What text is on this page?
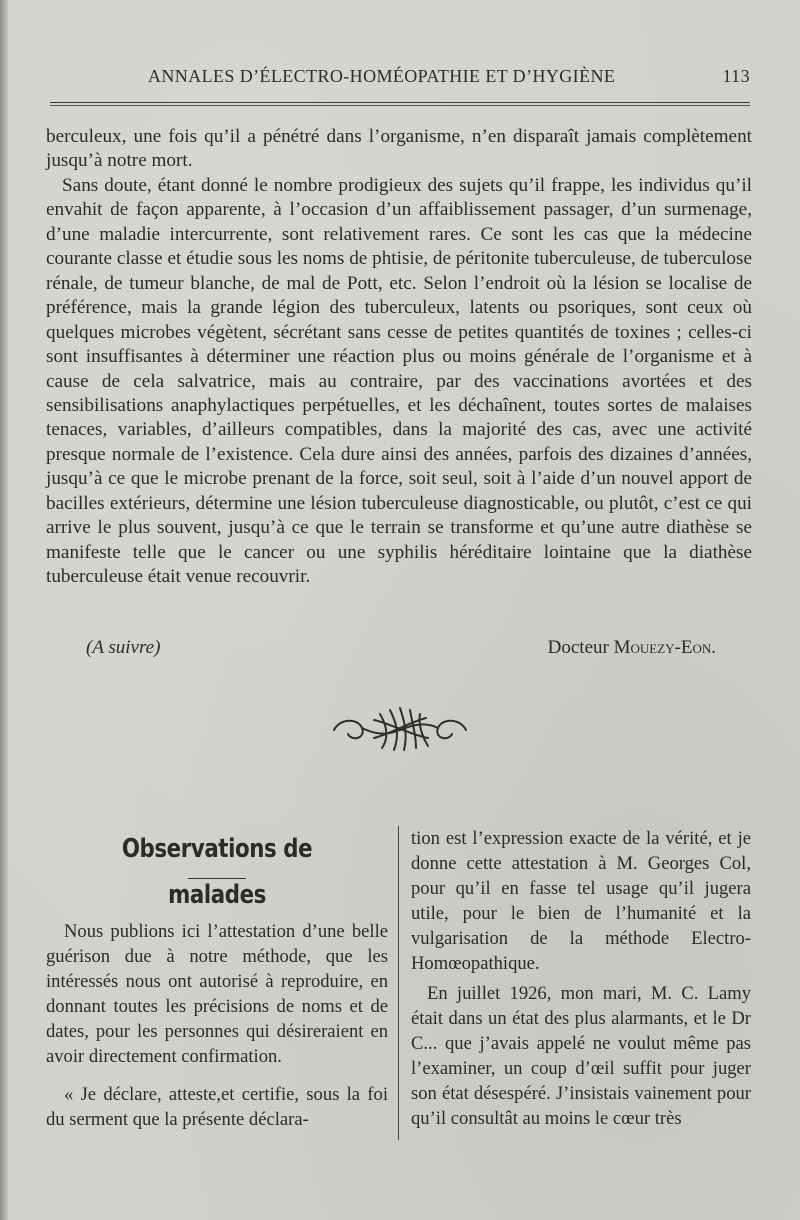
ANNALES D’ÉLECTRO-HOMÉOPATHIE ET D’HYGIÈNE	113

berculeux, une fois qu’il a pénétré dans l’organisme, n’en disparaît jamais complètement jusqu’à notre mort.

Sans doute, étant donné le nombre prodigieux des sujets qu’il frappe, les individus qu’il envahit de façon apparente, à l’occasion d’un affaiblissement passager, d’un surmenage, d’une maladie intercurrente, sont relativement rares. Ce sont les cas que la médecine courante classe et étudie sous les noms de phtisie, de péritonite tuberculeuse, de tuberculose rénale, de tumeur blanche, de mal de Pott, etc. Selon l’endroit où la lésion se localise de préférence, mais la grande légion des tuberculeux, latents ou psoriques, sont ceux où quelques microbes végètent, sécrétant sans cesse de petites quantités de toxines ; celles-ci sont insuffisantes à déterminer une réaction plus ou moins générale de l’organisme et à cause de cela salvatrice, mais au contraire, par des vaccinations avortées et des sensibilisations anaphylactiques perpétuelles, et les déchaînent, toutes sortes de malaises tenaces, variables, d’ailleurs compatibles, dans la majorité des cas, avec une activité presque normale de l’existence. Cela dure ainsi des années, parfois des dizaines d’années, jusqu’à ce que le microbe prenant de la force, soit seul, soit à l’aide d’un nouvel apport de bacilles extérieurs, détermine une lésion tuberculeuse diagnosticable, ou plutôt, c’est ce qui arrive le plus souvent, jusqu’à ce que le terrain se transforme et qu’une autre diathèse se manifeste telle que le cancer ou une syphilis héréditaire lointaine que la diathèse tuberculeuse était venue recouvrir.

(A suivre)	Docteur Mouezy-Eon.
Observations de malades

Nous publions ici l’attestation d’une belle guérison due à notre méthode, que les intéressés nous ont autorisé à reproduire, en donnant toutes les précisions de noms et de dates, pour les personnes qui désireraient en avoir directement confirmation.

« Je déclare, atteste,et certifie, sous la foi du serment que la présente déclara-

tion est l’expression exacte de la vérité, et je donne cette attestation à M. Georges Col, pour qu’il en fasse tel usage qu’il jugera utile, pour le bien de l’humanité et la vulgarisation de la méthode Electro-Homœopathique.

En juillet 1926, mon mari, M. C. Lamy était dans un état des plus alarmants, et le Dr C... que j’avais appelé ne voulut même pas l’examiner, un coup d’œil suffit pour juger son état désespéré. J’insistais vainement pour qu’il consultât au moins le cœur très
